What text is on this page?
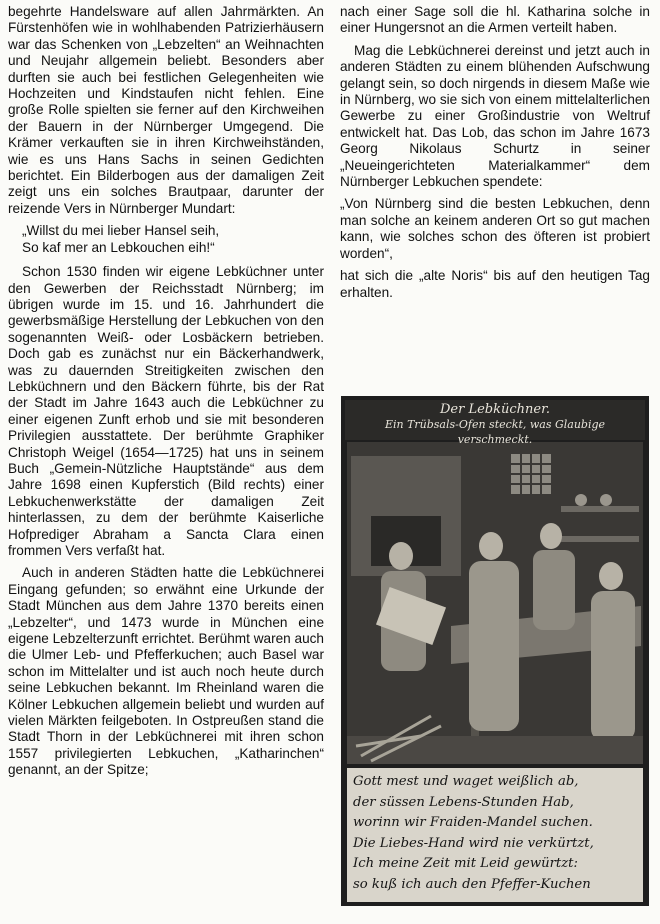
begehrte Handelsware auf allen Jahrmärkten. An Fürstenhöfen wie in wohlhabenden Patrizierhäusern war das Schenken von „Lebzelten“ an Weihnachten und Neujahr allgemein beliebt. Besonders aber durften sie auch bei festlichen Gelegenheiten wie Hochzeiten und Kindstaufen nicht fehlen. Eine große Rolle spielten sie ferner auf den Kirchweihen der Bauern in der Nürnberger Umgegend. Die Krämer verkauften sie in ihren Kirchweihständen, wie es uns Hans Sachs in seinen Gedichten berichtet. Ein Bilderbogen aus der damaligen Zeit zeigt uns ein solches Brautpaar, darunter der reizende Vers in Nürnberger Mundart:

„Willst du mei lieber Hansel seih,
So kaf mer an Lebkouchen eih!“

Schon 1530 finden wir eigene Lebküchner unter den Gewerben der Reichsstadt Nürnberg; im übrigen wurde im 15. und 16. Jahrhundert die gewerbsmäßige Herstellung der Lebkuchen von den sogenannten Weiß- oder Losbäckern betrieben. Doch gab es zunächst nur ein Bäckerhandwerk, was zu dauernden Streitigkeiten zwischen den Lebküchnern und den Bäckern führte, bis der Rat der Stadt im Jahre 1643 auch die Lebküchner zu einer eigenen Zunft erhob und sie mit besonderen Privilegien ausstattete. Der berühmte Graphiker Christoph Weigel (1654—1725) hat uns in seinem Buch „Gemein-Nützliche Hauptstände“ aus dem Jahre 1698 einen Kupferstich (Bild rechts) einer Lebkuchenwerkstätte der damaligen Zeit hinterlassen, zu dem der berühmte Kaiserliche Hofprediger Abraham a Sancta Clara einen frommen Vers verfaßt hat.

Auch in anderen Städten hatte die Lebküchnerei Eingang gefunden; so erwähnt eine Urkunde der Stadt München aus dem Jahre 1370 bereits einen „Lebzelter“, und 1473 wurde in München eine eigene Lebzelterzunft errichtet. Berühmt waren auch die Ulmer Leb- und Pfefferkuchen; auch Basel war schon im Mittelalter und ist auch noch heute durch seine Lebkuchen bekannt. Im Rheinland waren die Kölner Lebkuchen allgemein beliebt und wurden auf vielen Märkten feilgeboten. In Ostpreußen stand die Stadt Thorn in der Lebküchnerei mit ihren schon 1557 privilegierten Lebkuchen, „Katharinchen“ genannt, an der Spitze;

nach einer Sage soll die hl. Katharina solche in einer Hungersnot an die Armen verteilt haben.

Mag die Lebküchnerei dereinst und jetzt auch in anderen Städten zu einem blühenden Aufschwung gelangt sein, so doch nirgends in diesem Maße wie in Nürnberg, wo sie sich von einem mittelalterlichen Gewerbe zu einer Großindustrie von Weltruf entwickelt hat. Das Lob, das schon im Jahre 1673 Georg Nikolaus Schurtz in seiner „Neueingerichteten Materialkammer“ dem Nürnberger Lebkuchen spendete:

„Von Nürnberg sind die besten Lebkuchen, denn man solche an keinem anderen Ort so gut machen kann, wie solches schon des öfteren ist probiert worden“,

hat sich die „alte Noris“ bis auf den heutigen Tag erhalten.

Der Lebküchner.
Ein Trübsals-Ofen steckt, was Glaubige verschmeckt.
Gott mest und waget weißlich ab,
der süssen Lebens-Stunden Hab,
worinn wir Fraiden-Mandel suchen.
Die Liebes-Hand wird nie verkürtzt,
Ich meine Zeit mit Leid gewürtzt:
so kuß ich auch den Pfeffer-Kuchen
